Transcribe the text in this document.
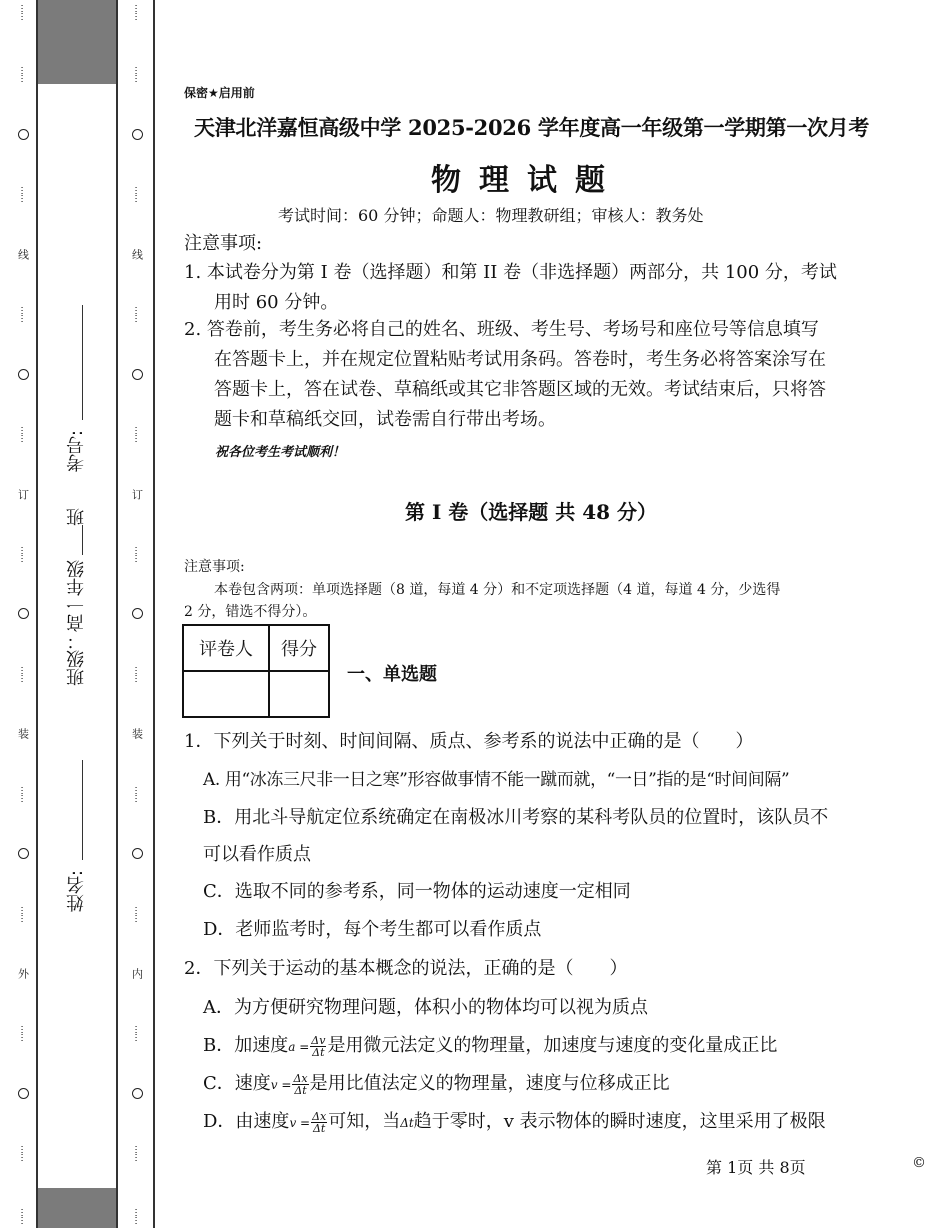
……
……
……
线
……
……
订
……
……
装
……
……
外
……
……
……
姓名:
班级：高一年级
班
考号:
……
……
……
线
……
……
订
……
……
装
……
……
内
……
……
……
保密★启用前
天津北洋嘉恒高级中学 2025-2026 学年度高一年级第一学期第一次月考
物理试题
考试时间：60 分钟；命题人：物理教研组；审核人：教务处
注意事项:
1. 本试卷分为第 I 卷（选择题）和第 II 卷（非选择题）两部分，共 100 分，考试
用时 60 分钟。
2. 答卷前，考生务必将自己的姓名、班级、考生号、考场号和座位号等信息填写
在答题卡上，并在规定位置粘贴考试用条码。答卷时，考生务必将答案涂写在
答题卡上，答在试卷、草稿纸或其它非答题区域的无效。考试结束后，只将答
题卡和草稿纸交回，试卷需自行带出考场。
祝各位考生考试顺利！
第 I 卷（选择题 共 48 分）
注意事项:
本卷包含两项：单项选择题（8 道，每道 4 分）和不定项选择题（4 道，每道 4 分，少选得
2 分，错选不得分）。
评卷人	得分

一、单选题
1．下列关于时刻、时间间隔、质点、参考系的说法中正确的是（　　）
A. 用“冰冻三尺非一日之寒”形容做事情不能一蹴而就，“一日”指的是“时间间隔”
B．用北斗导航定位系统确定在南极冰川考察的某科考队员的位置时，该队员不
可以看作质点
C．选取不同的参考系，同一物体的运动速度一定相同
D．老师监考时，每个考生都可以看作质点
2．下列关于运动的基本概念的说法，正确的是（　　）
A．为方便研究物理问题，体积小的物体均可以视为质点
B．加速度$a = \frac{\Delta v}{\Delta t}$ 是用微元法定义的物理量，加速度与速度的变化量成正比
C．速度$v = \frac{\Delta x}{\Delta t}$ 是用比值法定义的物理量，速度与位移成正比
D．由速度$v = \frac{\Delta x}{\Delta t}$ 可知，当Δt趋于零时，v 表示物体的瞬时速度，这里采用了极限
第 1页 共 8页	©
